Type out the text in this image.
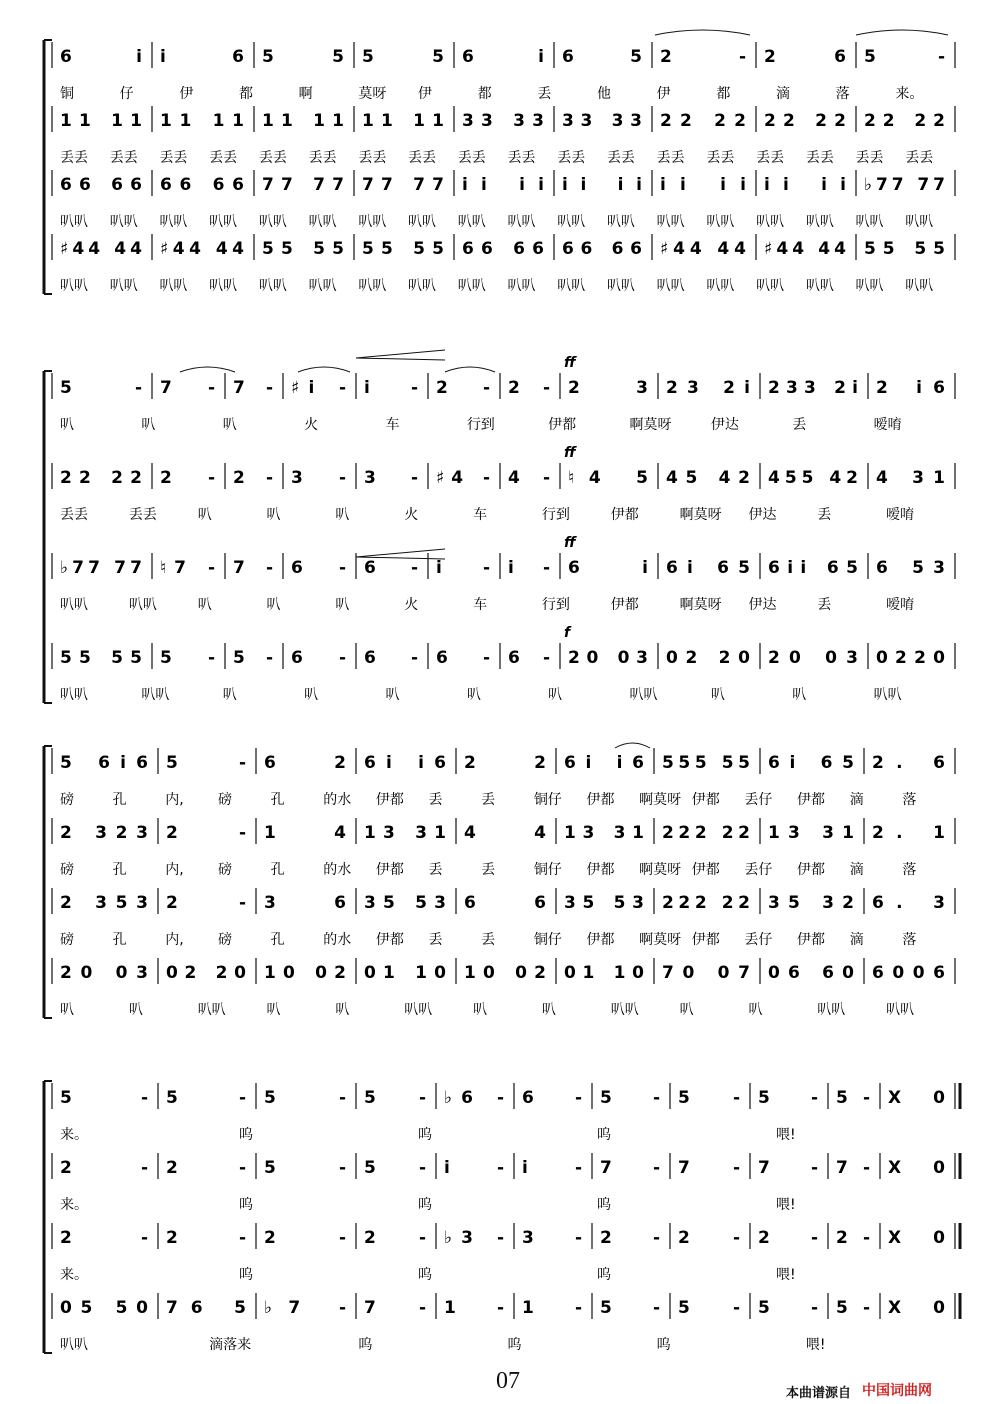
6 i i 6 5 5 5 5 6 i 6 5 2 - 2 6 5 -
铜	仔	伊	都	啊	莫呀 伊	都	丢	他	伊	都	滴	落	来。
11 11 11 11 11 11 11 11 33 33 33 33 22 22 22 22 22 22
丢丢 丢丢 丢丢 丢丢 丢丢 丢丢 丢丢 丢丢 丢丢 丢丢 丢丢 丢丢 丢丢 丢丢 丢丢 丢丢 丢丢 丢丢
66 66 66 66 77 77 77 77 ii ii ii ii ii ii ii ii ♭77 77
叭叭 叭叭 叭叭 叭叭 叭叭 叭叭 叭叭 叭叭 叭叭 叭叭 叭叭 叭叭 叭叭 叭叭 叭叭 叭叭 叭叭 叭叭
♯44 44 ♯44 44 55 55 55 55 66 66 66 66 ♯44 44 ♯44 44 55 55
叭叭 叭叭 叭叭 叭叭 叭叭 叭叭 叭叭 叭叭 叭叭 叭叭 叭叭 叭叭 叭叭 叭叭 叭叭 叭叭 叭叭 叭叭
5 - 7 - 7 - ♯i - i - 2 - 2 - 2 3 23 2i 233 2i 2 i6
ff
叭	叭	叭	火	车	行到	伊都	啊莫呀	伊达	丢	嗳唷
22 22 2 - 2 - 3 - 3 - ♯4 - 4 - ♮4 5 45 42 455 42 4 31
ff
丢丢	丢丢	叭	叭	叭	火	车	行到	伊都	啊莫呀 伊达	丢	嗳唷
♭77 77 ♮7 - 7 - 6 - 6 - i - i - 6 i 6i 65 6ii 65 6 53
ff
叭叭	叭叭	叭	叭	叭	火	车	行到	伊都	啊莫呀 伊达	丢	嗳唷
55 55 5 - 5 - 6 - 6 - 6 - 6 - 20 03 02 20 20 03 0220
f
叭叭	叭叭	叭	叭	叭	叭	叭	叭叭	叭	叭	叭叭
5 6i6 5 - 6 2 6i i6 2 2 6i i6 555 55 6i 65 2. 6
磅	孔	内, 磅	孔	的水 伊都 丢	丢	铜仔 伊都 啊莫呀 伊都 丢仔 伊都 滴	落
2 323 2 - 1 4 13 31 4 4 13 31 222 22 13 31 2. 1
磅	孔	内, 磅	孔	的水 伊都 丢	丢	铜仔 伊都 啊莫呀 伊都 丢仔 伊都 滴	落
2 353 2 - 3 6 35 53 6 6 35 53 222 22 35 32 6. 3
磅	孔	内, 磅	孔	的水 伊都 丢	丢	铜仔 伊都 啊莫呀 伊都 丢仔 伊都 滴	落
20 03 02 20 10 02 01 10 10 02 01 10 70 07 06 60 6006
叭	叭	叭叭	叭	叭	叭叭	叭	叭	叭叭	叭	叭	叭叭	叭叭
5 - 5 - 5 - 5 - ♭6 - 6 - 5 - 5 - 5 - 5 - X 0
来。	呜	呜	呜	喂!
2 - 2 - 5 - 5 - i - i - 7 - 7 - 7 - 7 - X 0
来。	呜	呜	呜	喂!
2 - 2 - 2 - 2 - ♭3 - 3 - 2 - 2 - 2 - 2 - X 0
来。	呜	呜	呜	喂!
05 50 76 5 ♭7 - 7 - 1 - 1 - 5 - 5 - 5 - 5 - X 0
叭叭	滴落来	呜	呜	呜	喂!
07	本曲谱源自 中国词曲网
